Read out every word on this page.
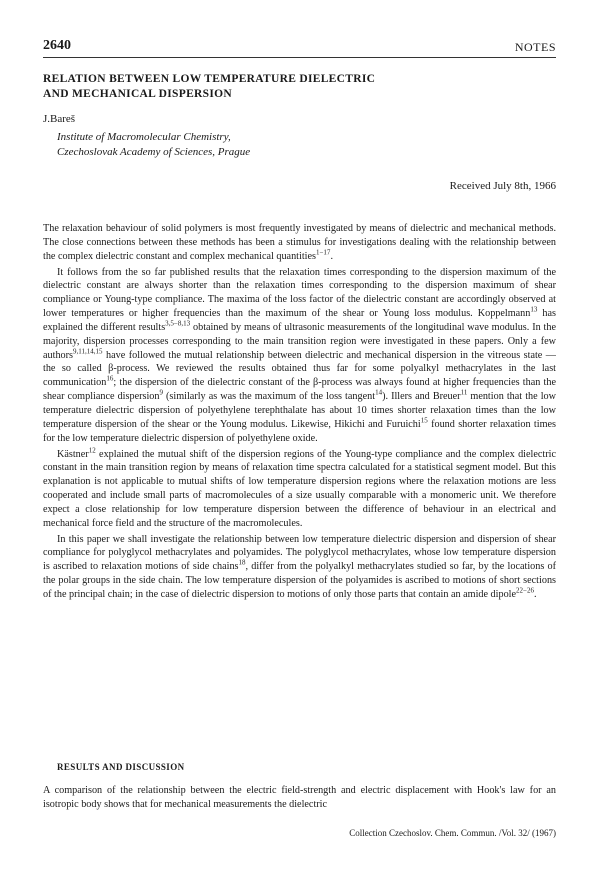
2640	NOTES
RELATION BETWEEN LOW TEMPERATURE DIELECTRIC
AND MECHANICAL DISPERSION
J.Bareš
Institute of Macromolecular Chemistry,
Czechoslovak Academy of Sciences, Prague
Received July 8th, 1966

The relaxation behaviour of solid polymers is most frequently investigated by means of dielectric and mechanical methods. The close connections between these methods has been a stimulus for investigations dealing with the relationship between the complex dielectric constant and complex mechanical quantities$^{1-17}$.

It follows from the so far published results that the relaxation times corresponding to the dispersion maximum of the dielectric constant are always shorter than the relaxation times corresponding to the dispersion maximum of shear compliance or Young-type compliance. The maxima of the loss factor of the dielectric constant are accordingly observed at lower temperatures or higher frequencies than the maximum of the shear or Young loss modulus. Koppelmann$^{13}$ has explained the different results$^{3,5-8,13}$ obtained by means of ultrasonic measurements of the longitudinal wave modulus. In the majority, dispersion processes corresponding to the main transition region were investigated in these papers. Only a few authors$^{9,11,14,15}$ have followed the mutual relationship between dielectric and mechanical dispersion in the vitreous state — the so called β-process. We reviewed the results obtained thus far for some polyalkyl methacrylates in the last communication$^{16}$; the dispersion of the dielectric constant of the β-process was always found at higher frequencies than the shear compliance dispersion$^9$ (similarly as was the maximum of the loss tangent$^{14}$). Illers and Breuer$^{11}$ mention that the low temperature dielectric dispersion of polyethylene terephthalate has about 10 times shorter relaxation times than the low temperature dispersion of the shear or the Young modulus. Likewise, Hikichi and Furuichi$^{15}$ found shorter relaxation times for the low temperature dielectric dispersion of polyethylene oxide.

Kästner$^{12}$ explained the mutual shift of the dispersion regions of the Young-type compliance and the complex dielectric constant in the main transition region by means of relaxation time spectra calculated for a statistical segment model. But this explanation is not applicable to mutual shifts of low temperature dispersion regions where the relaxation motions are less cooperated and include small parts of macromolecules of a size usually comparable with a monomeric unit. We therefore expect a close relationship for low temperature dispersion between the difference of behaviour in an electrical and mechanical force field and the structure of the macromolecules.

In this paper we shall investigate the relationship between low temperature dielectric dispersion and dispersion of shear compliance for polyglycol methacrylates and polyamides. The polyglycol methacrylates, whose low temperature dispersion is ascribed to relaxation motions of side chains$^{18}$, differ from the polyalkyl methacrylates studied so far, by the locations of the polar groups in the side chain. The low temperature dispersion of the polyamides is ascribed to motions of short sections of the principal chain; in the case of dielectric dispersion to motions of only those parts that contain an amide dipole$^{22-26}$.

RESULTS AND DISCUSSION

A comparison of the relationship between the electric field-strength and electric displacement with Hook's law for an isotropic body shows that for mechanical measurements the dielectric

Collection Czechoslov. Chem. Commun. /Vol. 32/ (1967)
